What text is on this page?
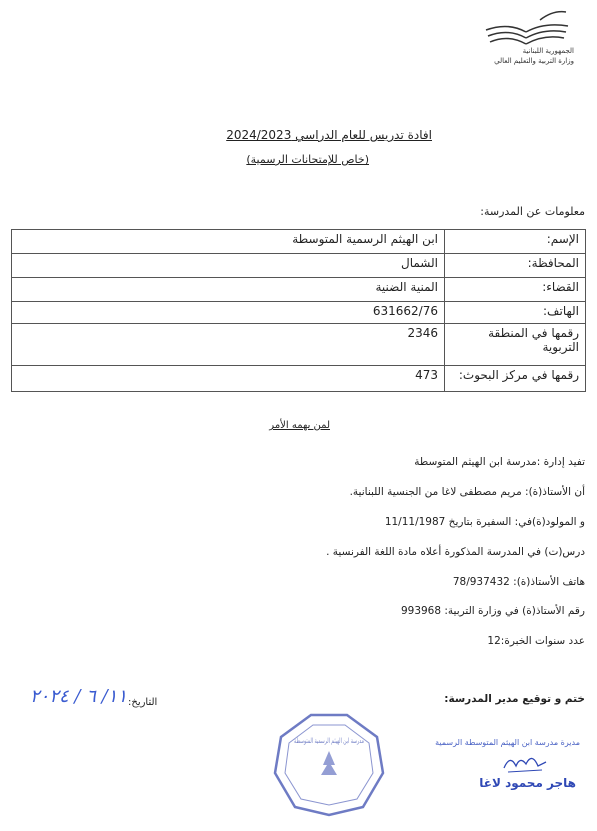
الجمهورية اللبنانية
وزارة التربية والتعليم العالي
افادة تدريس للعام الدراسي 2024/2023
(خاص للإمتحانات الرسمية)
معلومات عن المدرسة:
ابن الهيثم الرسمية المتوسطة	الإسم:
الشمال	المحافظة:
المنية الضنية	القضاء:
631662/76	الهاتف:
2346	رقمها في المنطقة التربوية
473	رقمها في مركز البحوث:
لمن يهمه الأمر
تفيد إدارة :مدرسة ابن الهيثم المتوسطة
أن الأستاذ(ة): مريم مصطفى لاغا من الجنسية اللبنانية.
و المولود(ة)في: السفيرة بتاريخ 11/11/1987
درس(ت) في المدرسة المذكورة أعلاه مادة اللغة الفرنسية .
هاتف الأستاذ(ة): 78/937432
رقم الأستاذ(ة) في وزارة التربية: 993968
عدد سنوات الخبرة:12
ختم و توقيع مدير المدرسة:
التاريخ:
١١/ ٦ / ٢٠٢٤
مدرسة ابن الهيثم الرسمية المتوسطة	مديرة مدرسة ابن الهيثم المتوسطة الرسمية
هاجر محمود لاغا
